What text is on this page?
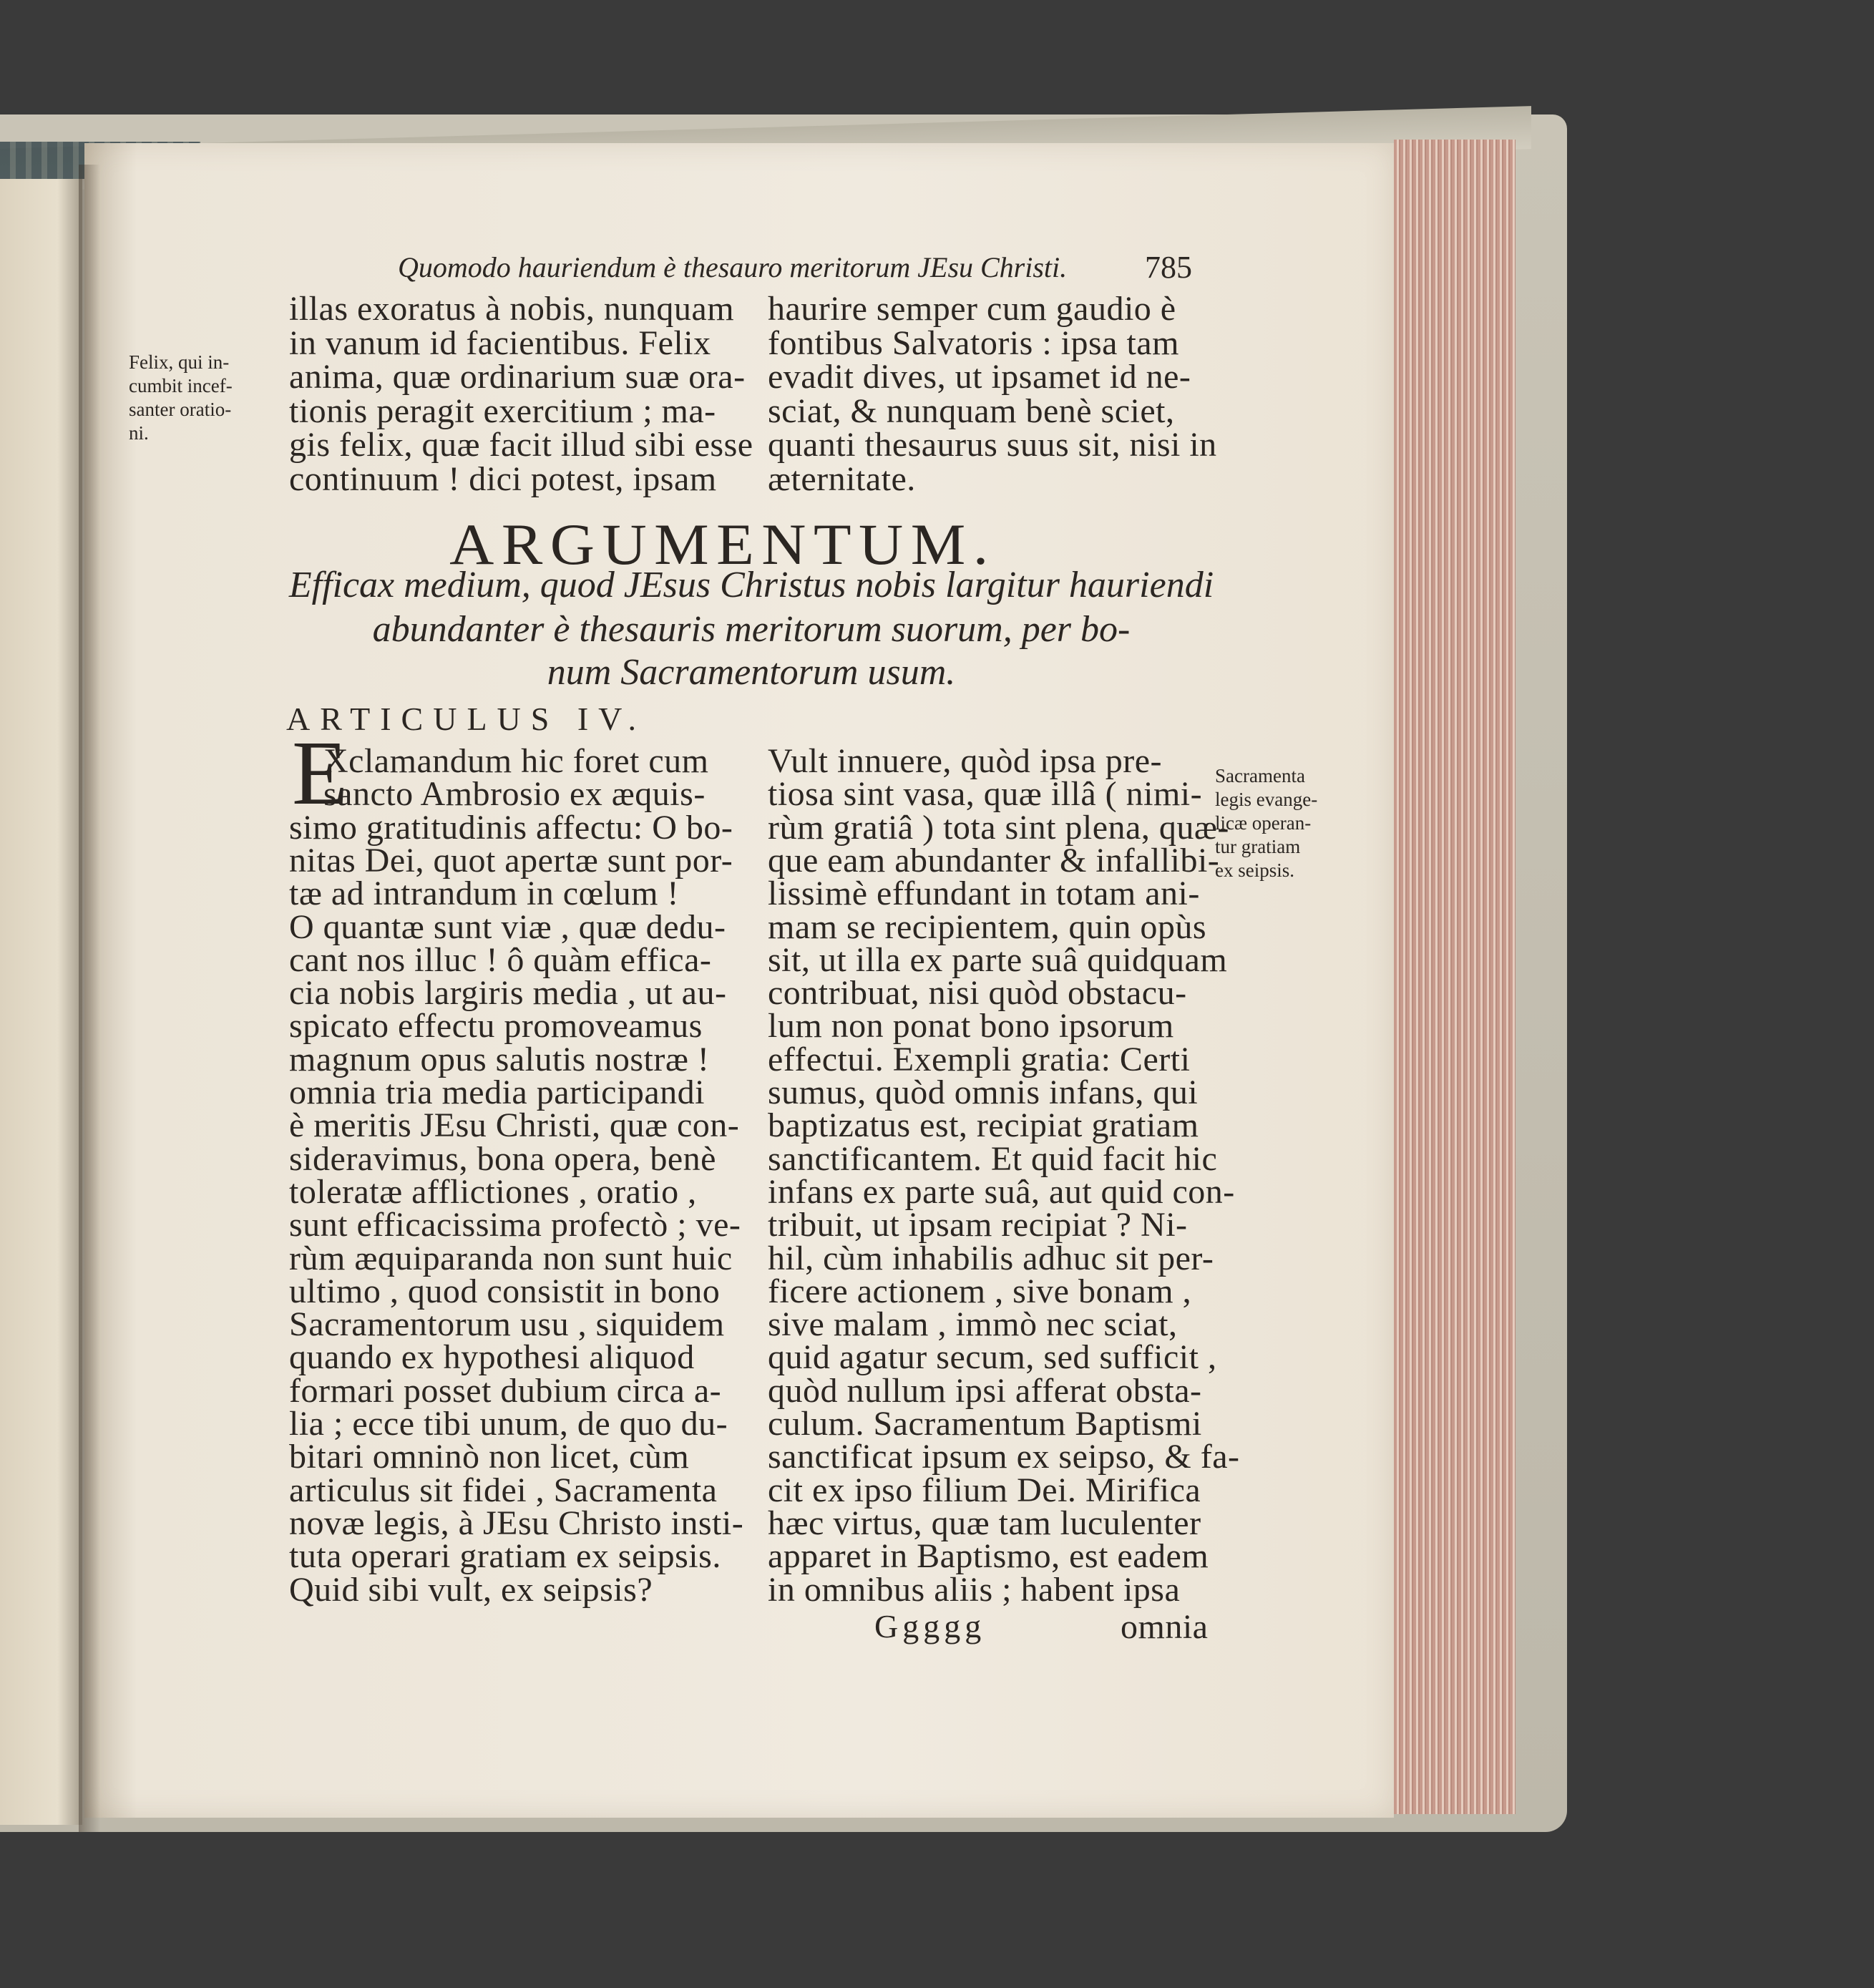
Quomodo hauriendum è thesauro meritorum JEsu Christi. 785
Felix, qui in-
cumbit incef-
santer oratio-
ni.
illas exoratus à nobis, nunquam
in vanum id facientibus. Felix
anima, quæ ordinarium suæ ora-
tionis peragit exercitium ; ma-
gis felix, quæ facit illud sibi esse
continuum ! dici potest, ipsam
haurire semper cum gaudio è
fontibus Salvatoris : ipsa tam
evadit dives, ut ipsamet id ne-
sciat, & nunquam benè sciet,
quanti thesaurus suus sit, nisi in
æternitate.
ARGUMENTUM.
Efficax medium, quod JEsus Christus nobis largitur hauriendi
abundanter è thesauris meritorum suorum, per bo-
num Sacramentorum usum.
ARTICULUS IV.
E
Xclamandum hic foret cum
sancto Ambrosio ex æquis-
simo gratitudinis affectu: O bo-
nitas Dei, quot apertæ sunt por-
tæ ad intrandum in cœlum !
O quantæ sunt viæ , quæ dedu-
cant nos illuc ! ô quàm effica-
cia nobis largiris media , ut au-
spicato effectu promoveamus
magnum opus salutis nostræ !
omnia tria media participandi
è meritis JEsu Christi, quæ con-
sideravimus, bona opera, benè
toleratæ afflictiones , oratio ,
sunt efficacissima profectò ; ve-
rùm æquiparanda non sunt huic
ultimo , quod consistit in bono
Sacramentorum usu , siquidem
quando ex hypothesi aliquod
formari posset dubium circa a-
lia ; ecce tibi unum, de quo du-
bitari omninò non licet, cùm
articulus sit fidei , Sacramenta
novæ legis, à JEsu Christo insti-
tuta operari gratiam ex seipsis.
Quid sibi vult, ex seipsis?
Vult innuere, quòd ipsa pre-
tiosa sint vasa, quæ illâ ( nimi-
rùm gratiâ ) tota sint plena, quæ-
que eam abundanter & infallibi-
lissimè effundant in totam ani-
mam se recipientem, quin opùs
sit, ut illa ex parte suâ quidquam
contribuat, nisi quòd obstacu-
lum non ponat bono ipsorum
effectui. Exempli gratia: Certi
sumus, quòd omnis infans, qui
baptizatus est, recipiat gratiam
sanctificantem. Et quid facit hic
infans ex parte suâ, aut quid con-
tribuit, ut ipsam recipiat ? Ni-
hil, cùm inhabilis adhuc sit per-
ficere actionem , sive bonam ,
sive malam , immò nec sciat,
quid agatur secum, sed sufficit ,
quòd nullum ipsi afferat obsta-
culum. Sacramentum Baptismi
sanctificat ipsum ex seipso, & fa-
cit ex ipso filium Dei. Mirifica
hæc virtus, quæ tam luculenter
apparet in Baptismo, est eadem
in omnibus aliis ; habent ipsa
Sacramenta
legis evange-
licæ operan-
tur gratiam
ex seipsis.
Ggggg	omnia
